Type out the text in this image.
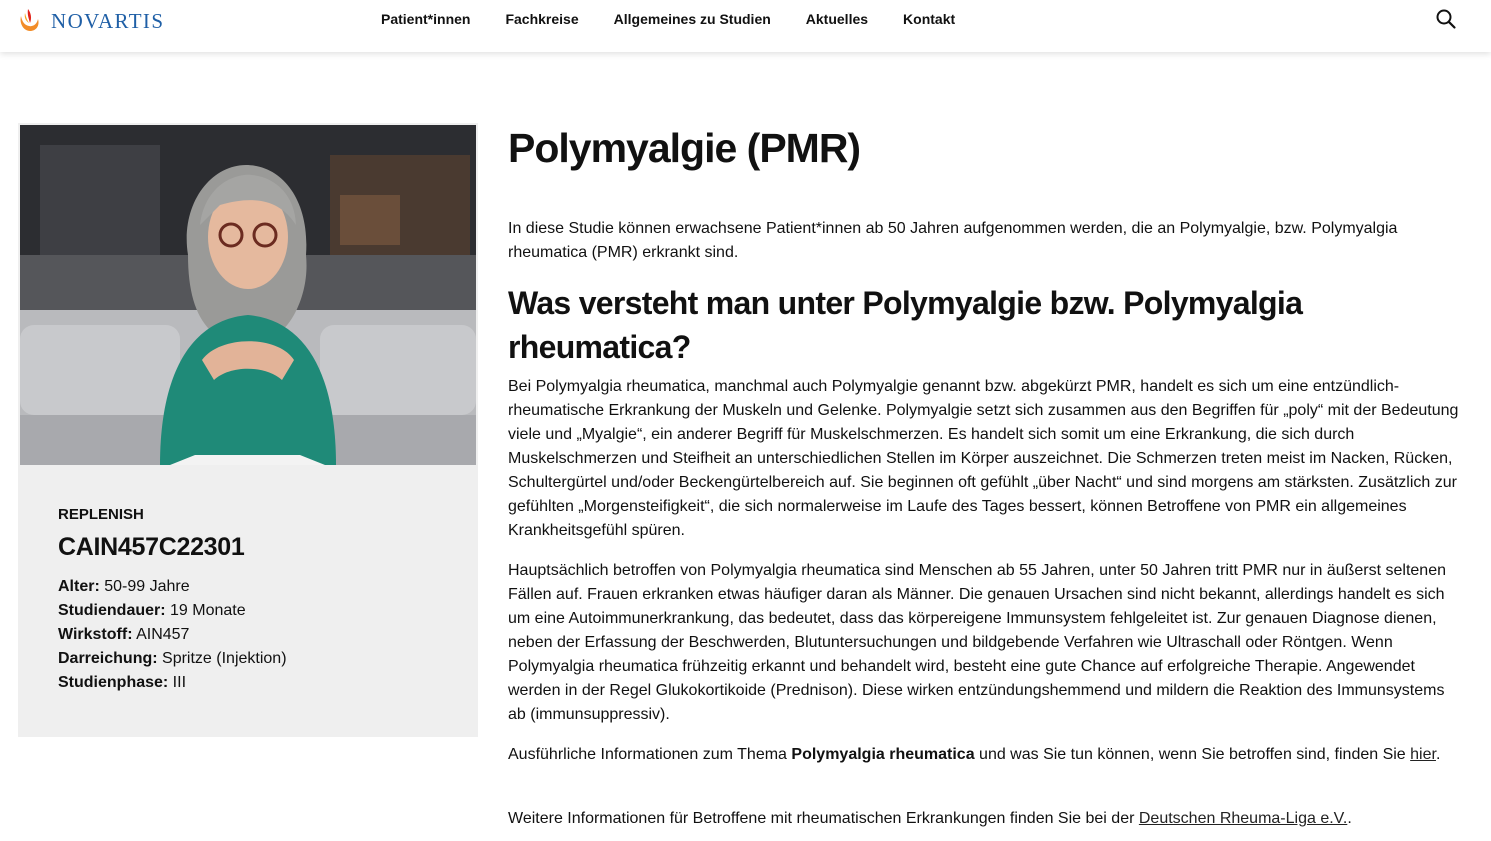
NOVARTIS	Patient*innen	Fachkreise	Allgemeines zu Studien	Aktuelles	Kontakt
REPLENISH
CAIN457C22301
Alter: 50-99 Jahre
Studiendauer: 19 Monate
Wirkstoff: AIN457
Darreichung: Spritze (Injektion)
Studienphase: III
Polymyalgie (PMR)

In diese Studie können erwachsene Patient*innen ab 50 Jahren aufgenommen werden, die an Polymyalgie, bzw. Polymyalgia rheumatica (PMR) erkrankt sind.

Was versteht man unter Polymyalgie bzw. Polymyalgia rheumatica?

Bei Polymyalgia rheumatica, manchmal auch Polymyalgie genannt bzw. abgekürzt PMR, handelt es sich um eine entzündlich-rheumatische Erkrankung der Muskeln und Gelenke. Polymyalgie setzt sich zusammen aus den Begriffen für „poly“ mit der Bedeutung viele und „Myalgie“, ein anderer Begriff für Muskelschmerzen. Es handelt sich somit um eine Erkrankung, die sich durch Muskelschmerzen und Steifheit an unterschiedlichen Stellen im Körper auszeichnet. Die Schmerzen treten meist im Nacken, Rücken, Schultergürtel und/oder Beckengürtelbereich auf. Sie beginnen oft gefühlt „über Nacht“ und sind morgens am stärksten. Zusätzlich zur gefühlten „Morgensteifigkeit“, die sich normalerweise im Laufe des Tages bessert, können Betroffene von PMR ein allgemeines Krankheitsgefühl spüren.

Hauptsächlich betroffen von Polymyalgia rheumatica sind Menschen ab 55 Jahren, unter 50 Jahren tritt PMR nur in äußerst seltenen Fällen auf. Frauen erkranken etwas häufiger daran als Männer. Die genauen Ursachen sind nicht bekannt, allerdings handelt es sich um eine Autoimmunerkrankung, das bedeutet, dass das körpereigene Immunsystem fehlgeleitet ist. Zur genauen Diagnose dienen, neben der Erfassung der Beschwerden, Blutuntersuchungen und bildgebende Verfahren wie Ultraschall oder Röntgen. Wenn Polymyalgia rheumatica frühzeitig erkannt und behandelt wird, besteht eine gute Chance auf erfolgreiche Therapie. Angewendet werden in der Regel Glukokortikoide (Prednison). Diese wirken entzündungshemmend und mildern die Reaktion des Immunsystems ab (immunsuppressiv).

Ausführliche Informationen zum Thema Polymyalgia rheumatica und was Sie tun können, wenn Sie betroffen sind, finden Sie hier.

Weitere Informationen für Betroffene mit rheumatischen Erkrankungen finden Sie bei der Deutschen Rheuma-Liga e.V..
